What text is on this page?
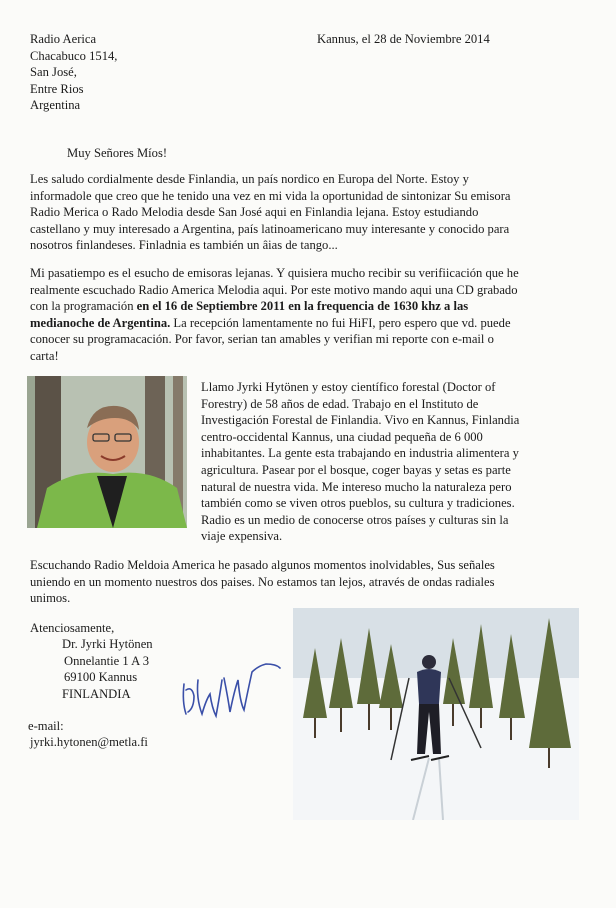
Radio Aerica
Chacabuco 1514,
San José,
Entre Rios
Argentina
Kannus, el 28 de Noviembre 2014
Muy Señores Míos!
Les saludo cordialmente desde Finlandia, un país nordico en Europa del Norte. Estoy y
informadole que creo que he tenido una vez en mi vida la oportunidad de sintonizar Su emisora
Radio Merica o Rado Melodia desde San José aqui en Finlandia lejana. Estoy estudiando
castellano y muy interesado a Argentina, país latinoamericano muy interesante y conocido para
nosotros finlandeses. Finladnia es también un âias de tango...
Mi pasatiempo es el esucho de emisoras lejanas. Y quisiera mucho recibir su verifiicación que he
realmente escuchado Radio America Melodia aqui. Por este motivo mando aqui una CD grabado
con la programación en el 16 de Septiembre 2011 en la frequencia de 1630 khz a las
medianoche de Argentina. La recepción lamentamente no fui HiFI, pero espero que vd. puede
conocer su programacación. Por favor, serian tan amables y verifian mi reporte con e-mail o
carta!
Llamo Jyrki Hytönen y estoy científico forestal (Doctor of
Forestry) de 58 años de edad. Trabajo en el Instituto de
Investigación Forestal de Finlandia. Vivo en Kannus, Finlandia
centro-occidental Kannus, una ciudad pequeña de 6 000
inhabitantes. La gente esta trabajando en industria alimentera y
agricultura. Pasear por el bosque, coger bayas y setas es parte
natural de nuestra vida. Me intereso mucho la naturaleza pero
también como se viven otros pueblos, su cultura y tradiciones.
Radio es un medio de conocerse otros países y culturas sin la
viaje expensiva.
Escuchando Radio Meldoia America he pasado algunos momentos inolvidables, Sus señales
uniendo en un momento nuestros dos paises. No estamos tan lejos, através de ondas radiales
unimos.
Atenciosamente,
Dr. Jyrki Hytönen
Onnelantie 1 A 3
69100 Kannus
FINLANDIA
e-mail:
jyrki.hytonen@metla.fi
